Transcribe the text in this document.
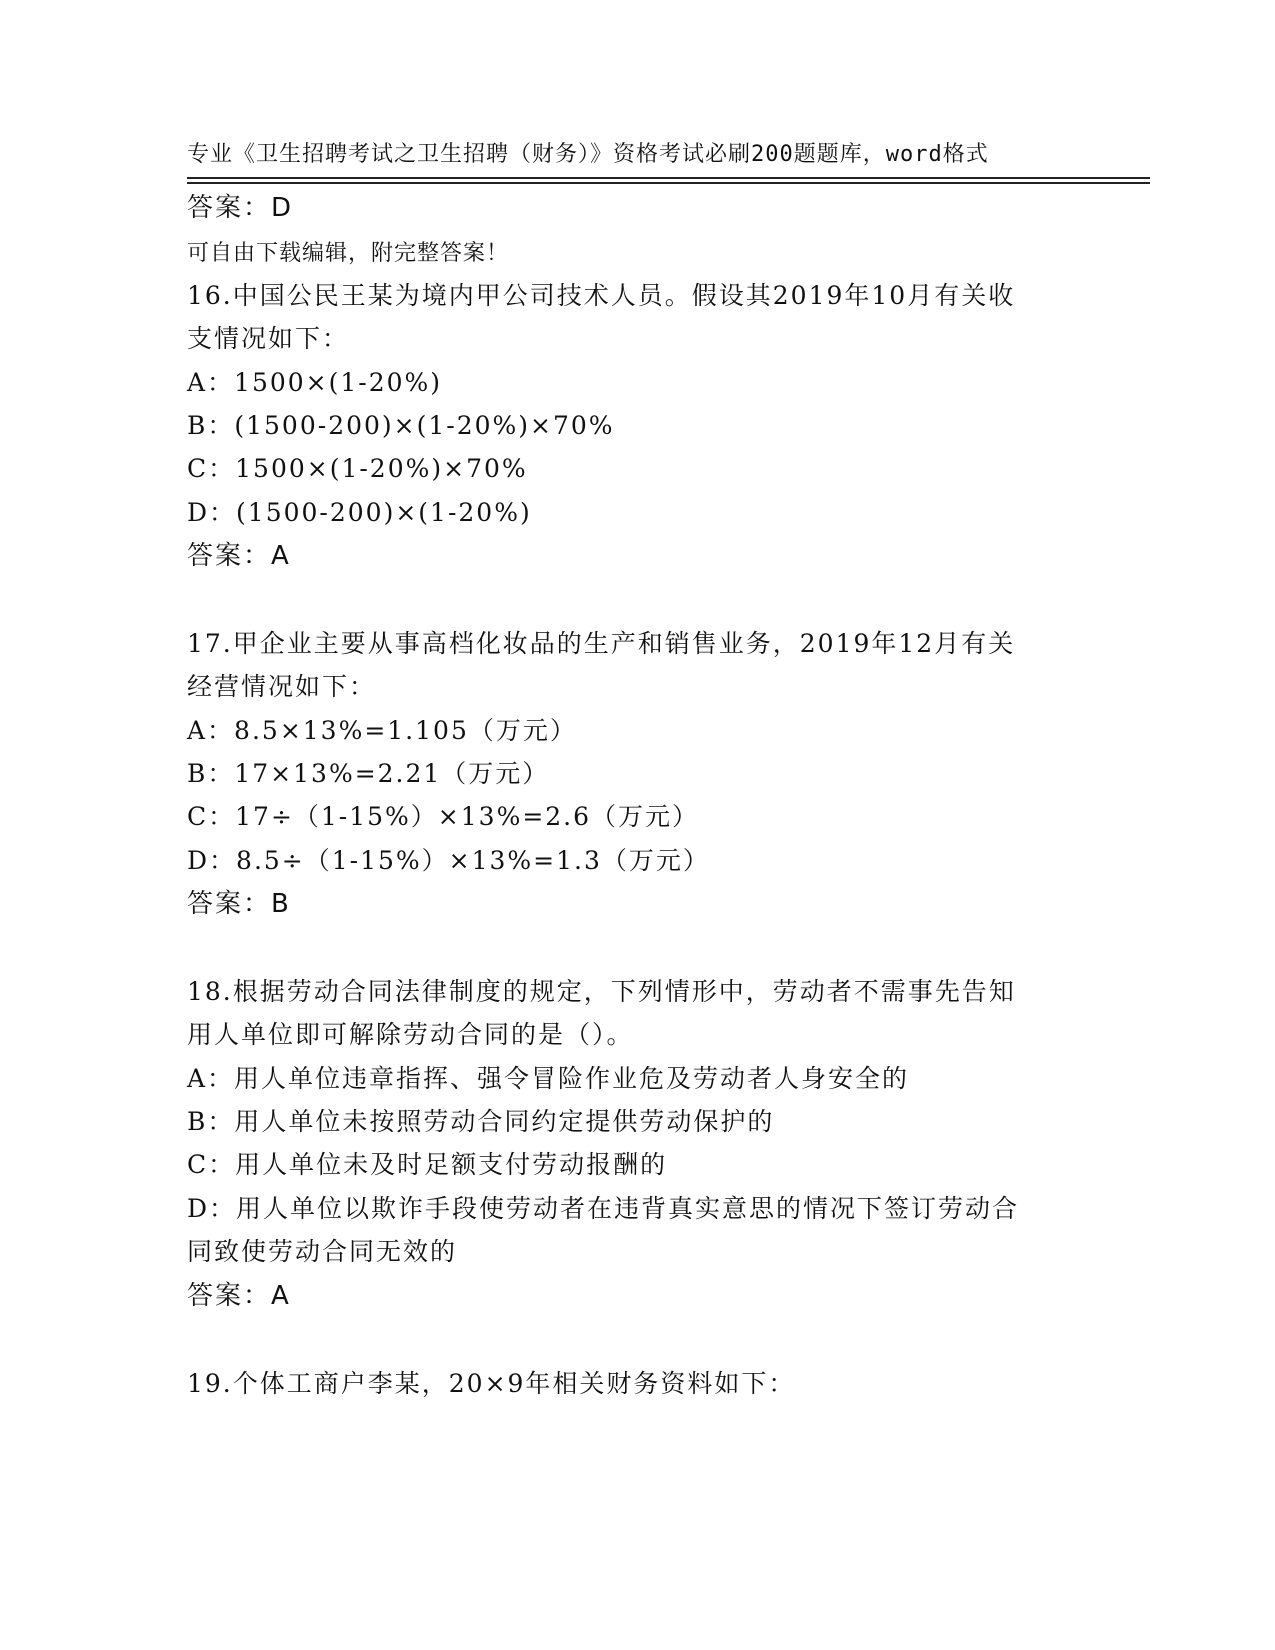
专业《卫生招聘考试之卫生招聘（财务）》资格考试必刷200题题库，word格式

可自由下载编辑，附完整答案！

答案：D
16.中国公民王某为境内甲公司技术人员。假设其2019年10月有关收
支情况如下：
A：1500×(1-20%)
B：(1500-200)×(1-20%)×70%
C：1500×(1-20%)×70%
D：(1500-200)×(1-20%)
答案：A
17.甲企业主要从事高档化妆品的生产和销售业务，2019年12月有关
经营情况如下：
A：8.5×13%=1.105（万元）
B：17×13%=2.21（万元）
C：17÷（1-15%）×13%=2.6（万元）
D：8.5÷（1-15%）×13%=1.3（万元）
答案：B
18.根据劳动合同法律制度的规定，下列情形中，劳动者不需事先告知
用人单位即可解除劳动合同的是（）。
A：用人单位违章指挥、强令冒险作业危及劳动者人身安全的
B：用人单位未按照劳动合同约定提供劳动保护的
C：用人单位未及时足额支付劳动报酬的
D：用人单位以欺诈手段使劳动者在违背真实意思的情况下签订劳动合
同致使劳动合同无效的
答案：A
19.个体工商户李某，20×9年相关财务资料如下：
